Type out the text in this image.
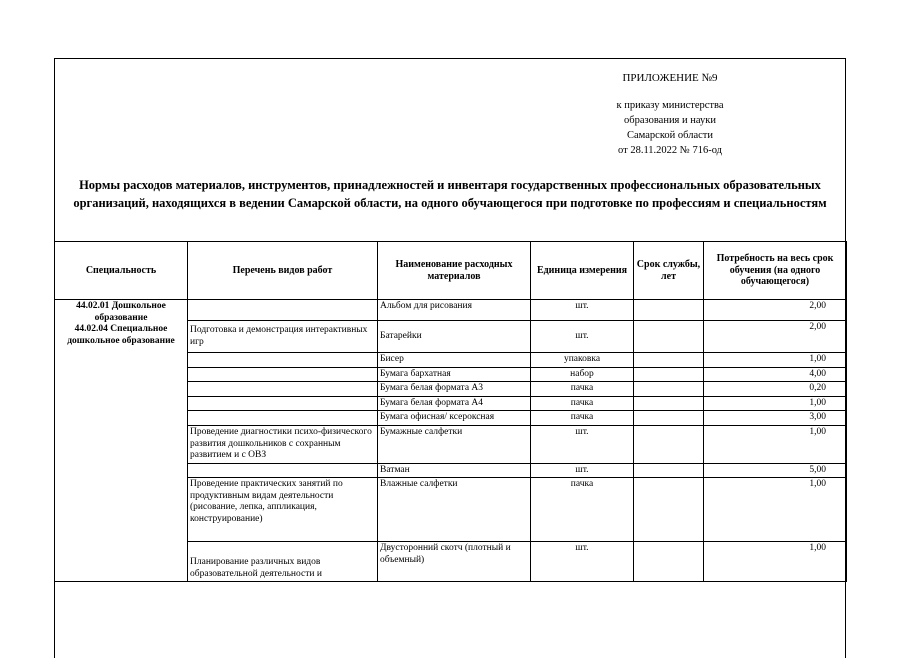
ПРИЛОЖЕНИЕ №9
к приказу министерства
образования и науки
Самарской области
от 28.11.2022 № 716-од
Нормы расходов материалов, инструментов, принадлежностей и инвентаря государственных профессиональных образовательных организаций, находящихся в ведении Самарской области, на одного обучающегося при подготовке по профессиям и специальностям
Специальность	Перечень видов работ	Наименование расходных материалов	Единица измерения	Срок службы, лет	Потребность на весь срок обучения (на одного обучающегося)

44.02.01 Дошкольное образование
44.02.04 Специальное дошкольное образование		Альбом для рисования	шт.		2,00
	Подготовка и демонстрация интерактивных игр	Батарейки	шт.		2,00
		Бисер	упаковка		1,00
		Бумага бархатная	набор		4,00
		Бумага белая формата А3	пачка		0,20
		Бумага белая формата А4	пачка		1,00
		Бумага офисная/ ксероксная	пачка		3,00
	Проведение диагностики психо-физического развития дошкольников с сохранным развитием и с ОВЗ	Бумажные салфетки	шт.		1,00
		Ватман	шт.		5,00
	Проведение практических занятий по продуктивным видам деятельности (рисование, лепка, аппликация, конструирование)	Влажные салфетки	пачка		1,00
	Планирование различных видов образовательной деятельности и	Двусторонний скотч (плотный и объемный)	шт.		1,00
